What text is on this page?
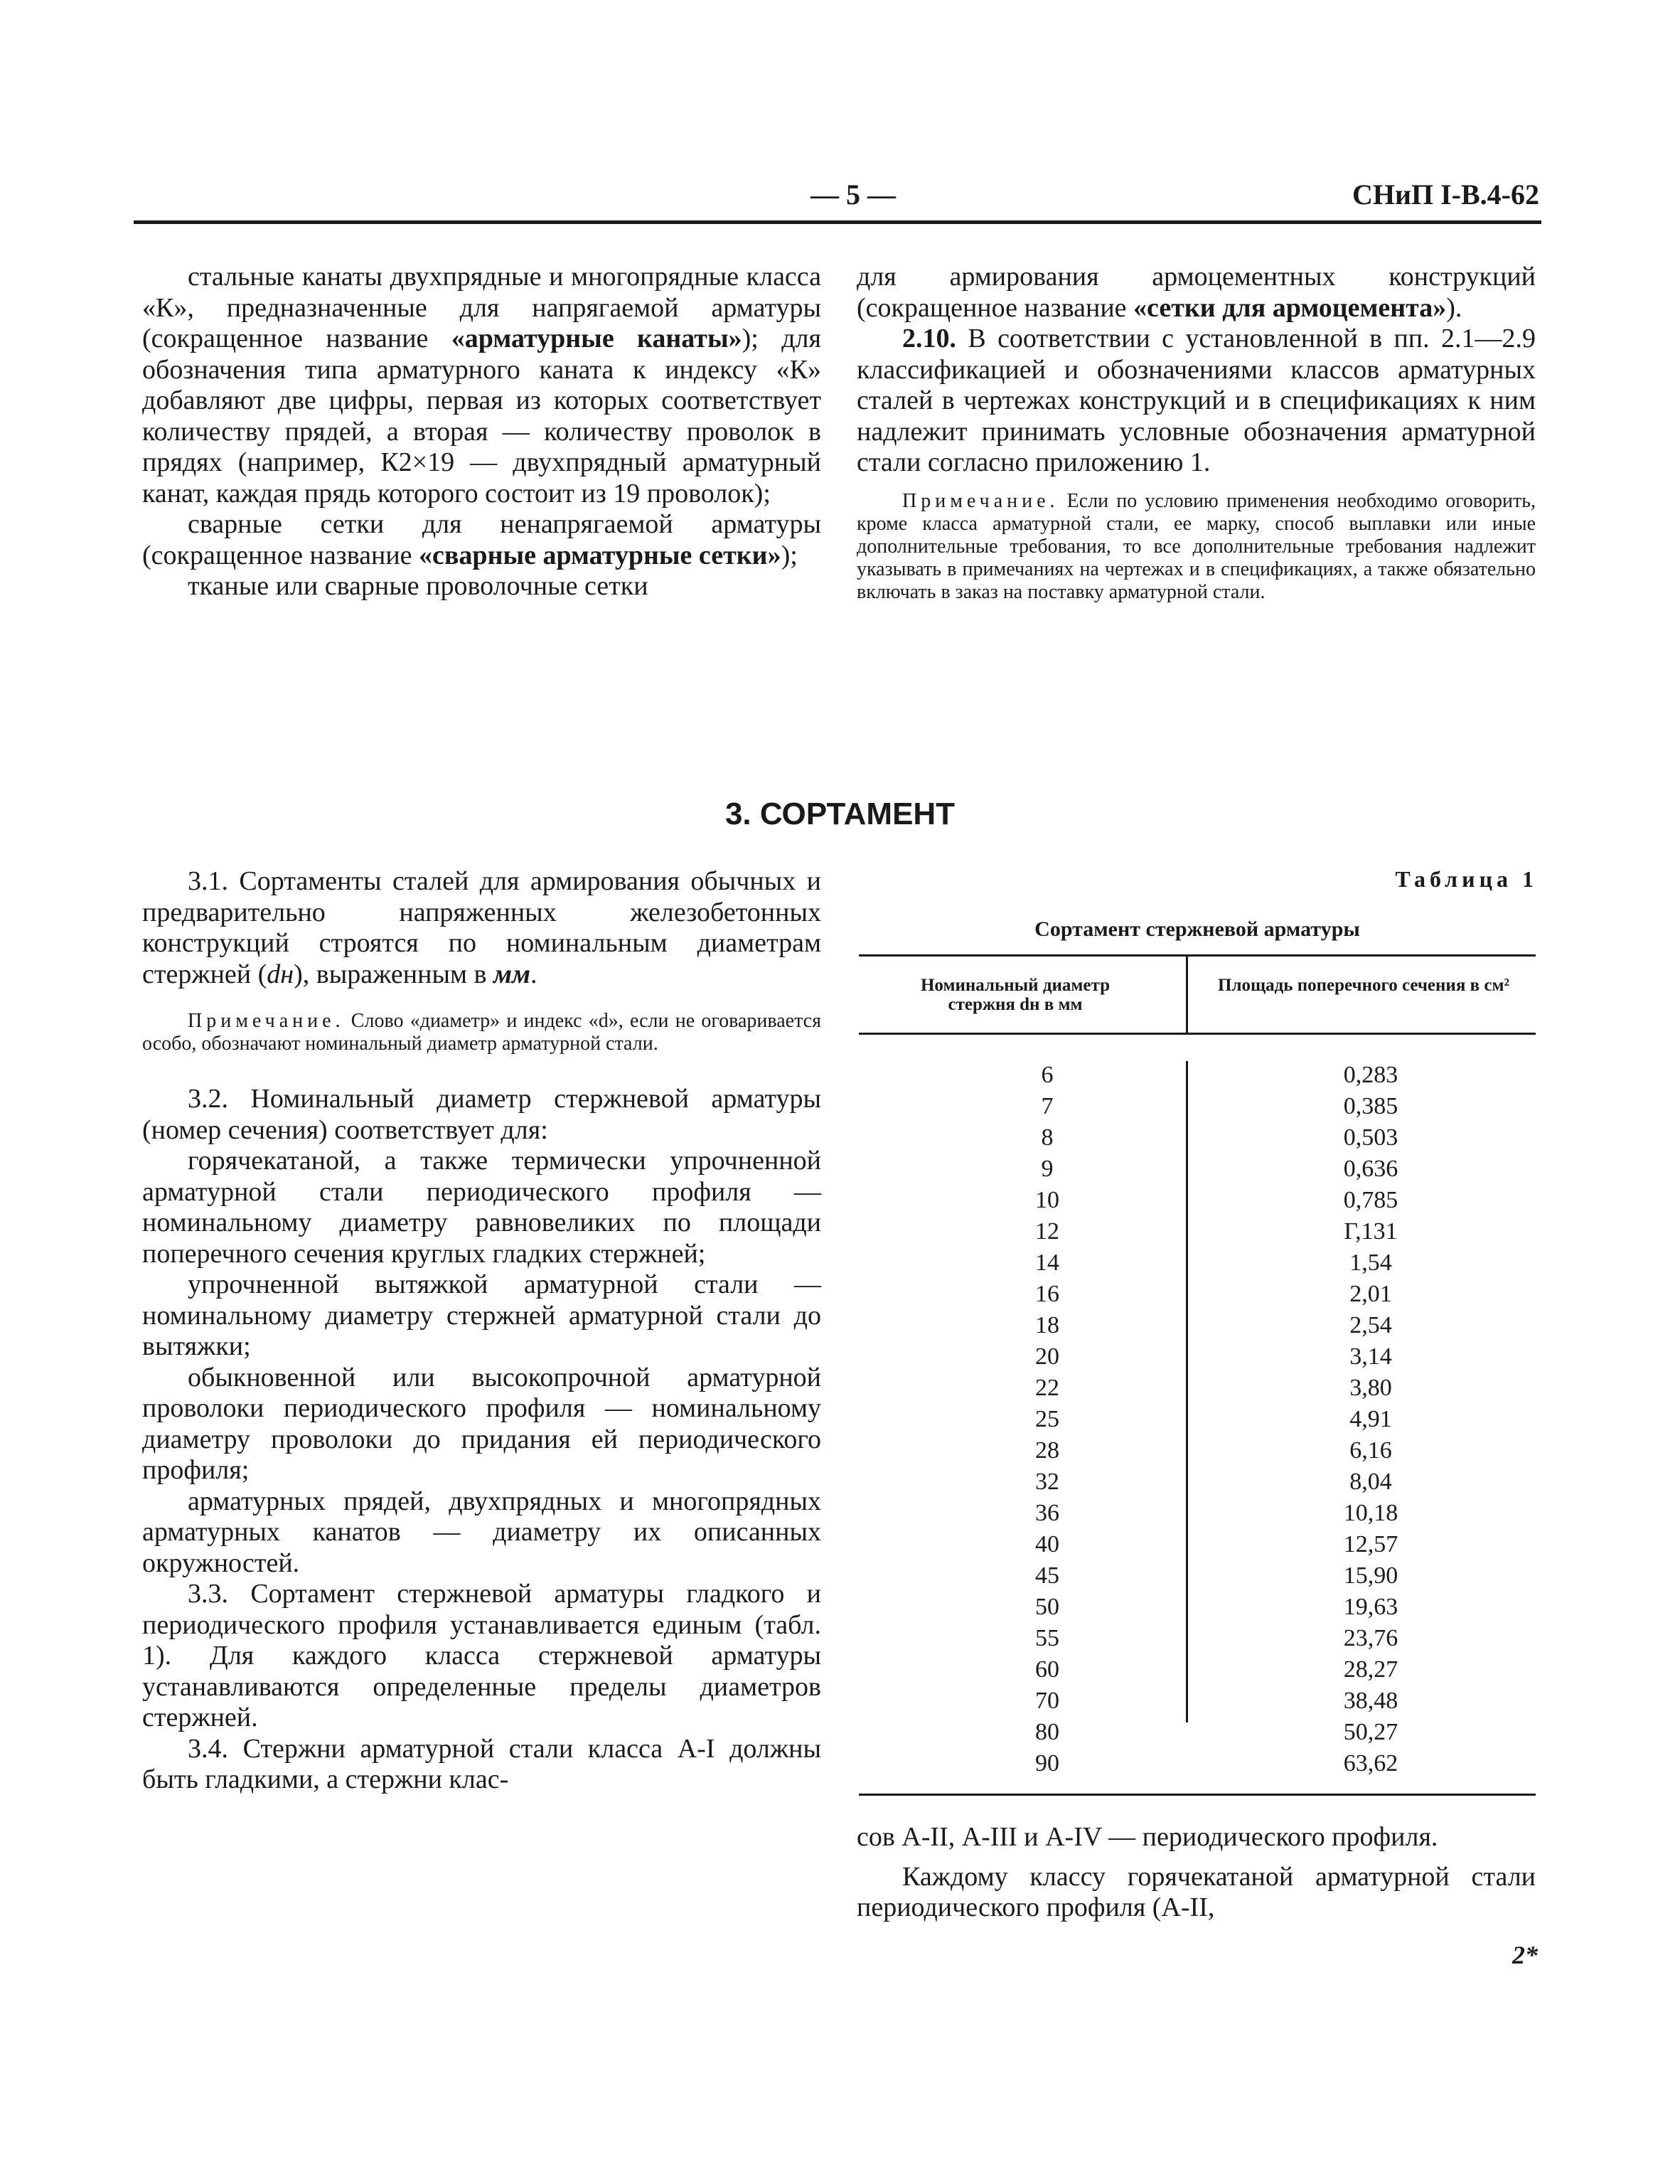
— 5 —	СНиП I-В.4-62

стальные канаты двухпрядные и многопрядные класса «К», предназначенные для напрягаемой арматуры (сокращенное название «арматурные канаты»); для обозначения типа арматурного каната к индексу «К» добавляют две цифры, первая из которых соответствует количеству прядей, а вторая — количеству проволок в прядях (например, К2×19 — двухпрядный арматурный канат, каждая прядь которого состоит из 19 проволок);

сварные сетки для ненапрягаемой арматуры (сокращенное название «сварные арматурные сетки»);

тканые или сварные проволочные сетки

для армирования армоцементных конструкций (сокращенное название «сетки для армоцемента»).

2.10. В соответствии с установленной в пп. 2.1—2.9 классификацией и обозначениями классов арматурных сталей в чертежах конструкций и в спецификациях к ним надлежит принимать условные обозначения арматурной стали согласно приложению 1.

Примечание. Если по условию применения необходимо оговорить, кроме класса арматурной стали, ее марку, способ выплавки или иные дополнительные требования, то все дополнительные требования надлежит указывать в примечаниях на чертежах и в спецификациях, а также обязательно включать в заказ на поставку арматурной стали.

3. СОРТАМЕНТ

3.1. Сортаменты сталей для армирования обычных и предварительно напряженных железобетонных конструкций строятся по номинальным диаметрам стержней (dн), выраженным в мм.

Примечание. Слово «диаметр» и индекс «d», если не оговаривается особо, обозначают номинальный диаметр арматурной стали.

3.2. Номинальный диаметр стержневой арматуры (номер сечения) соответствует для:

горячекатаной, а также термически упрочненной арматурной стали периодического профиля — номинальному диаметру равновеликих по площади поперечного сечения круглых гладких стержней;

упрочненной вытяжкой арматурной стали — номинальному диаметру стержней арматурной стали до вытяжки;

обыкновенной или высокопрочной арматурной проволоки периодического профиля — номинальному диаметру проволоки до придания ей периодического профиля;

арматурных прядей, двухпрядных и многопрядных арматурных канатов — диаметру их описанных окружностей.

3.3. Сортамент стержневой арматуры гладкого и периодического профиля устанавливается единым (табл. 1). Для каждого класса стержневой арматуры устанавливаются определенные пределы диаметров стержней.

3.4. Стержни арматурной стали класса А-I должны быть гладкими, а стержни клас-

Таблица 1
Сортамент стержневой арматуры
Номинальный диаметр стержня dн в мм
Площадь поперечного сечения в см²
6	0,283
7	0,385
8	0,503
9	0,636
10	0,785
12	Г,131
14	1,54
16	2,01
18	2,54
20	3,14
22	3,80
25	4,91
28	6,16
32	8,04
36	10,18
40	12,57
45	15,90
50	19,63
55	23,76
60	28,27
70	38,48
80	50,27
90	63,62

сов А-II, А-III и А-IV — периодического профиля.

Каждому классу горячекатаной арматурной стали периодического профиля (А-II,

2*
